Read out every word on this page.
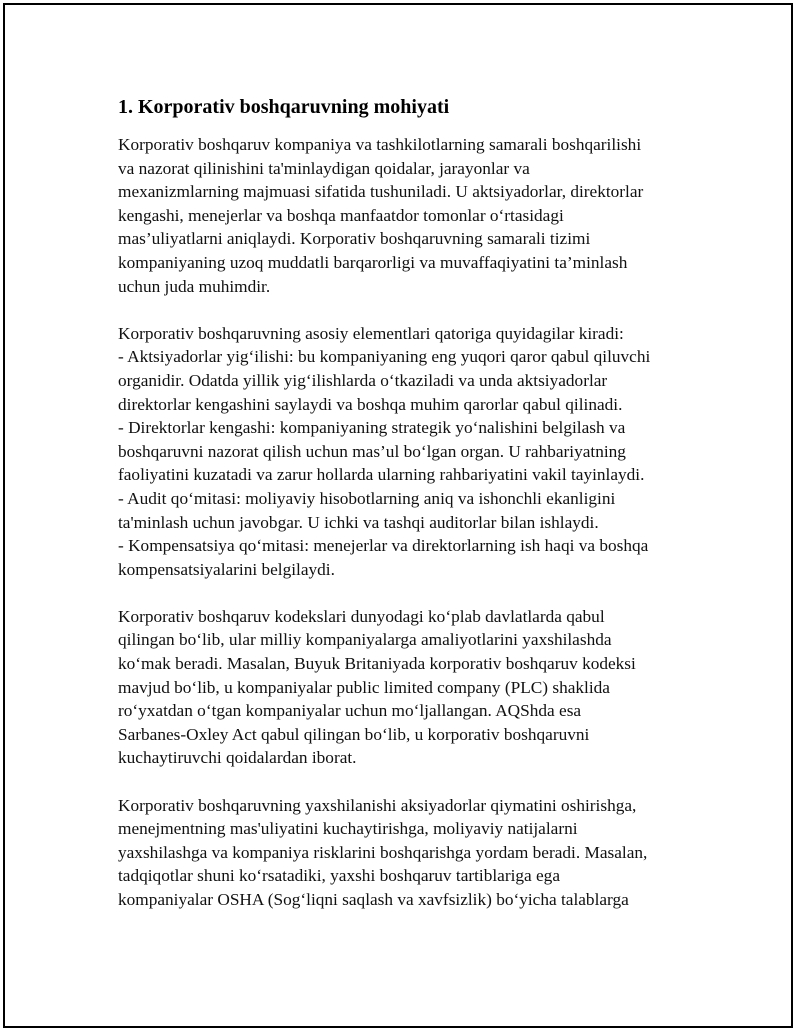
1. Korporativ boshqaruvning mohiyati
Korporativ boshqaruv kompaniya va tashkilotlarning samarali boshqarilishi
va nazorat qilinishini ta'minlaydigan qoidalar, jarayonlar va
mexanizmlarning majmuasi sifatida tushuniladi. U aktsiyadorlar, direktorlar
kengashi, menejerlar va boshqa manfaatdor tomonlar o‘rtasidagi
mas’uliyatlarni aniqlaydi. Korporativ boshqaruvning samarali tizimi
kompaniyaning uzoq muddatli barqarorligi va muvaffaqiyatini ta’minlash
uchun juda muhimdir.
Korporativ boshqaruvning asosiy elementlari qatoriga quyidagilar kiradi:
- Aktsiyadorlar yig‘ilishi: bu kompaniyaning eng yuqori qaror qabul qiluvchi
organidir. Odatda yillik yig‘ilishlarda o‘tkaziladi va unda aktsiyadorlar
direktorlar kengashini saylaydi va boshqa muhim qarorlar qabul qilinadi.
- Direktorlar kengashi: kompaniyaning strategik yo‘nalishini belgilash va
boshqaruvni nazorat qilish uchun mas’ul bo‘lgan organ. U rahbariyatning
faoliyatini kuzatadi va zarur hollarda ularning rahbariyatini vakil tayinlaydi.
- Audit qo‘mitasi: moliyaviy hisobotlarning aniq va ishonchli ekanligini
ta'minlash uchun javobgar. U ichki va tashqi auditorlar bilan ishlaydi.
- Kompensatsiya qo‘mitasi: menejerlar va direktorlarning ish haqi va boshqa
kompensatsiyalarini belgilaydi.
Korporativ boshqaruv kodekslari dunyodagi ko‘plab davlatlarda qabul
qilingan bo‘lib, ular milliy kompaniyalarga amaliyotlarini yaxshilashda
ko‘mak beradi. Masalan, Buyuk Britaniyada korporativ boshqaruv kodeksi
mavjud bo‘lib, u kompaniyalar public limited company (PLC) shaklida
ro‘yxatdan o‘tgan kompaniyalar uchun mo‘ljallangan. AQShda esa
Sarbanes-Oxley Act qabul qilingan bo‘lib, u korporativ boshqaruvni
kuchaytiruvchi qoidalardan iborat.
Korporativ boshqaruvning yaxshilanishi aksiyadorlar qiymatini oshirishga,
menejmentning mas'uliyatini kuchaytirishga, moliyaviy natijalarni
yaxshilashga va kompaniya risklarini boshqarishga yordam beradi. Masalan,
tadqiqotlar shuni ko‘rsatadiki, yaxshi boshqaruv tartiblariga ega
kompaniyalar OSHA (Sog‘liqni saqlash va xavfsizlik) bo‘yicha talablarga
